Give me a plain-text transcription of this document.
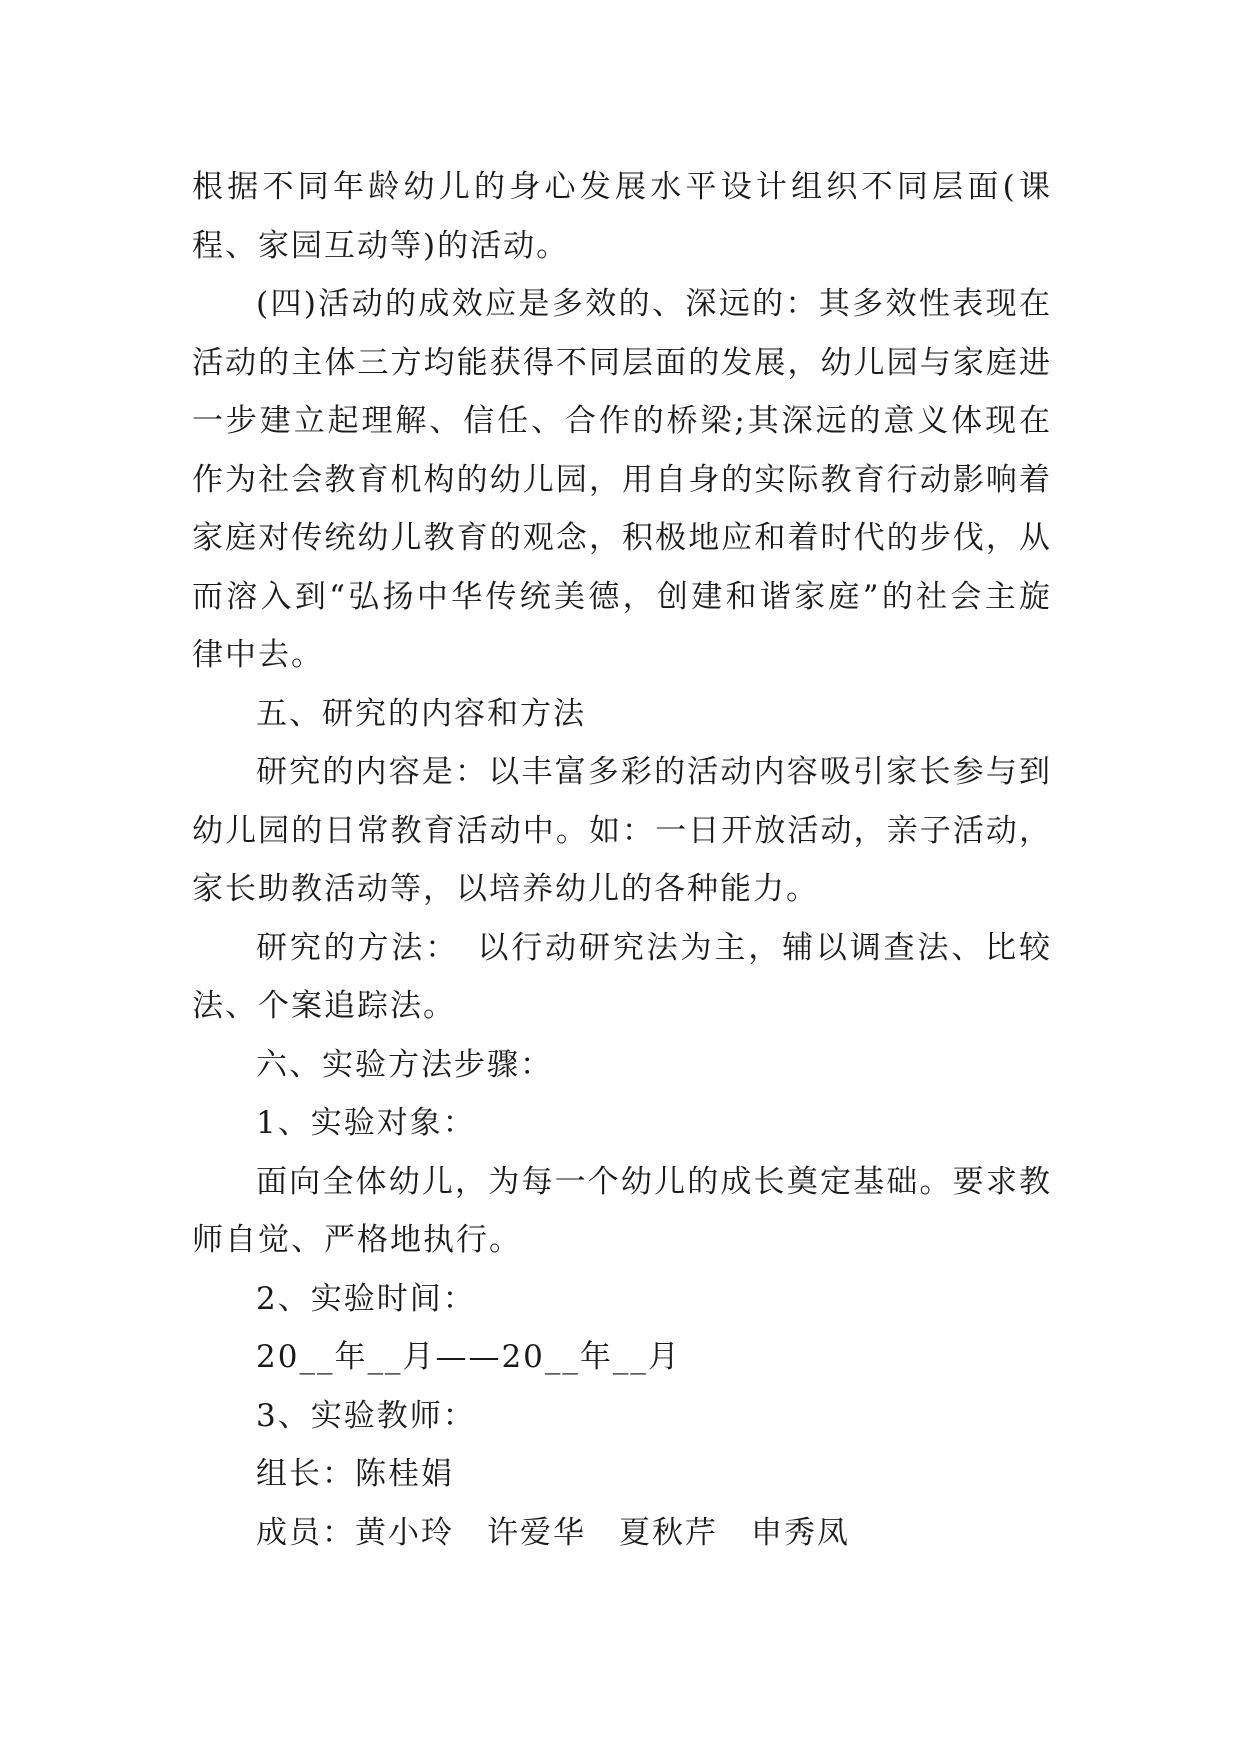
根据不同年龄幼儿的身心发展水平设计组织不同层面(课程、家园互动等)的活动。

(四)活动的成效应是多效的、深远的：其多效性表现在活动的主体三方均能获得不同层面的发展，幼儿园与家庭进一步建立起理解、信任、合作的桥梁;其深远的意义体现在作为社会教育机构的幼儿园，用自身的实际教育行动影响着家庭对传统幼儿教育的观念，积极地应和着时代的步伐，从而溶入到“弘扬中华传统美德，创建和谐家庭”的社会主旋律中去。

五、研究的内容和方法

研究的内容是：以丰富多彩的活动内容吸引家长参与到幼儿园的日常教育活动中。如：一日开放活动，亲子活动，家长助教活动等，以培养幼儿的各种能力。

研究的方法：　以行动研究法为主，辅以调查法、比较法、个案追踪法。

六、实验方法步骤：

1、实验对象：

面向全体幼儿，为每一个幼儿的成长奠定基础。要求教师自觉、严格地执行。

2、实验时间：

20__年__月——20__年__月

3、实验教师：

组长：陈桂娟

成员：黄小玲　许爱华　夏秋芹　申秀凤
